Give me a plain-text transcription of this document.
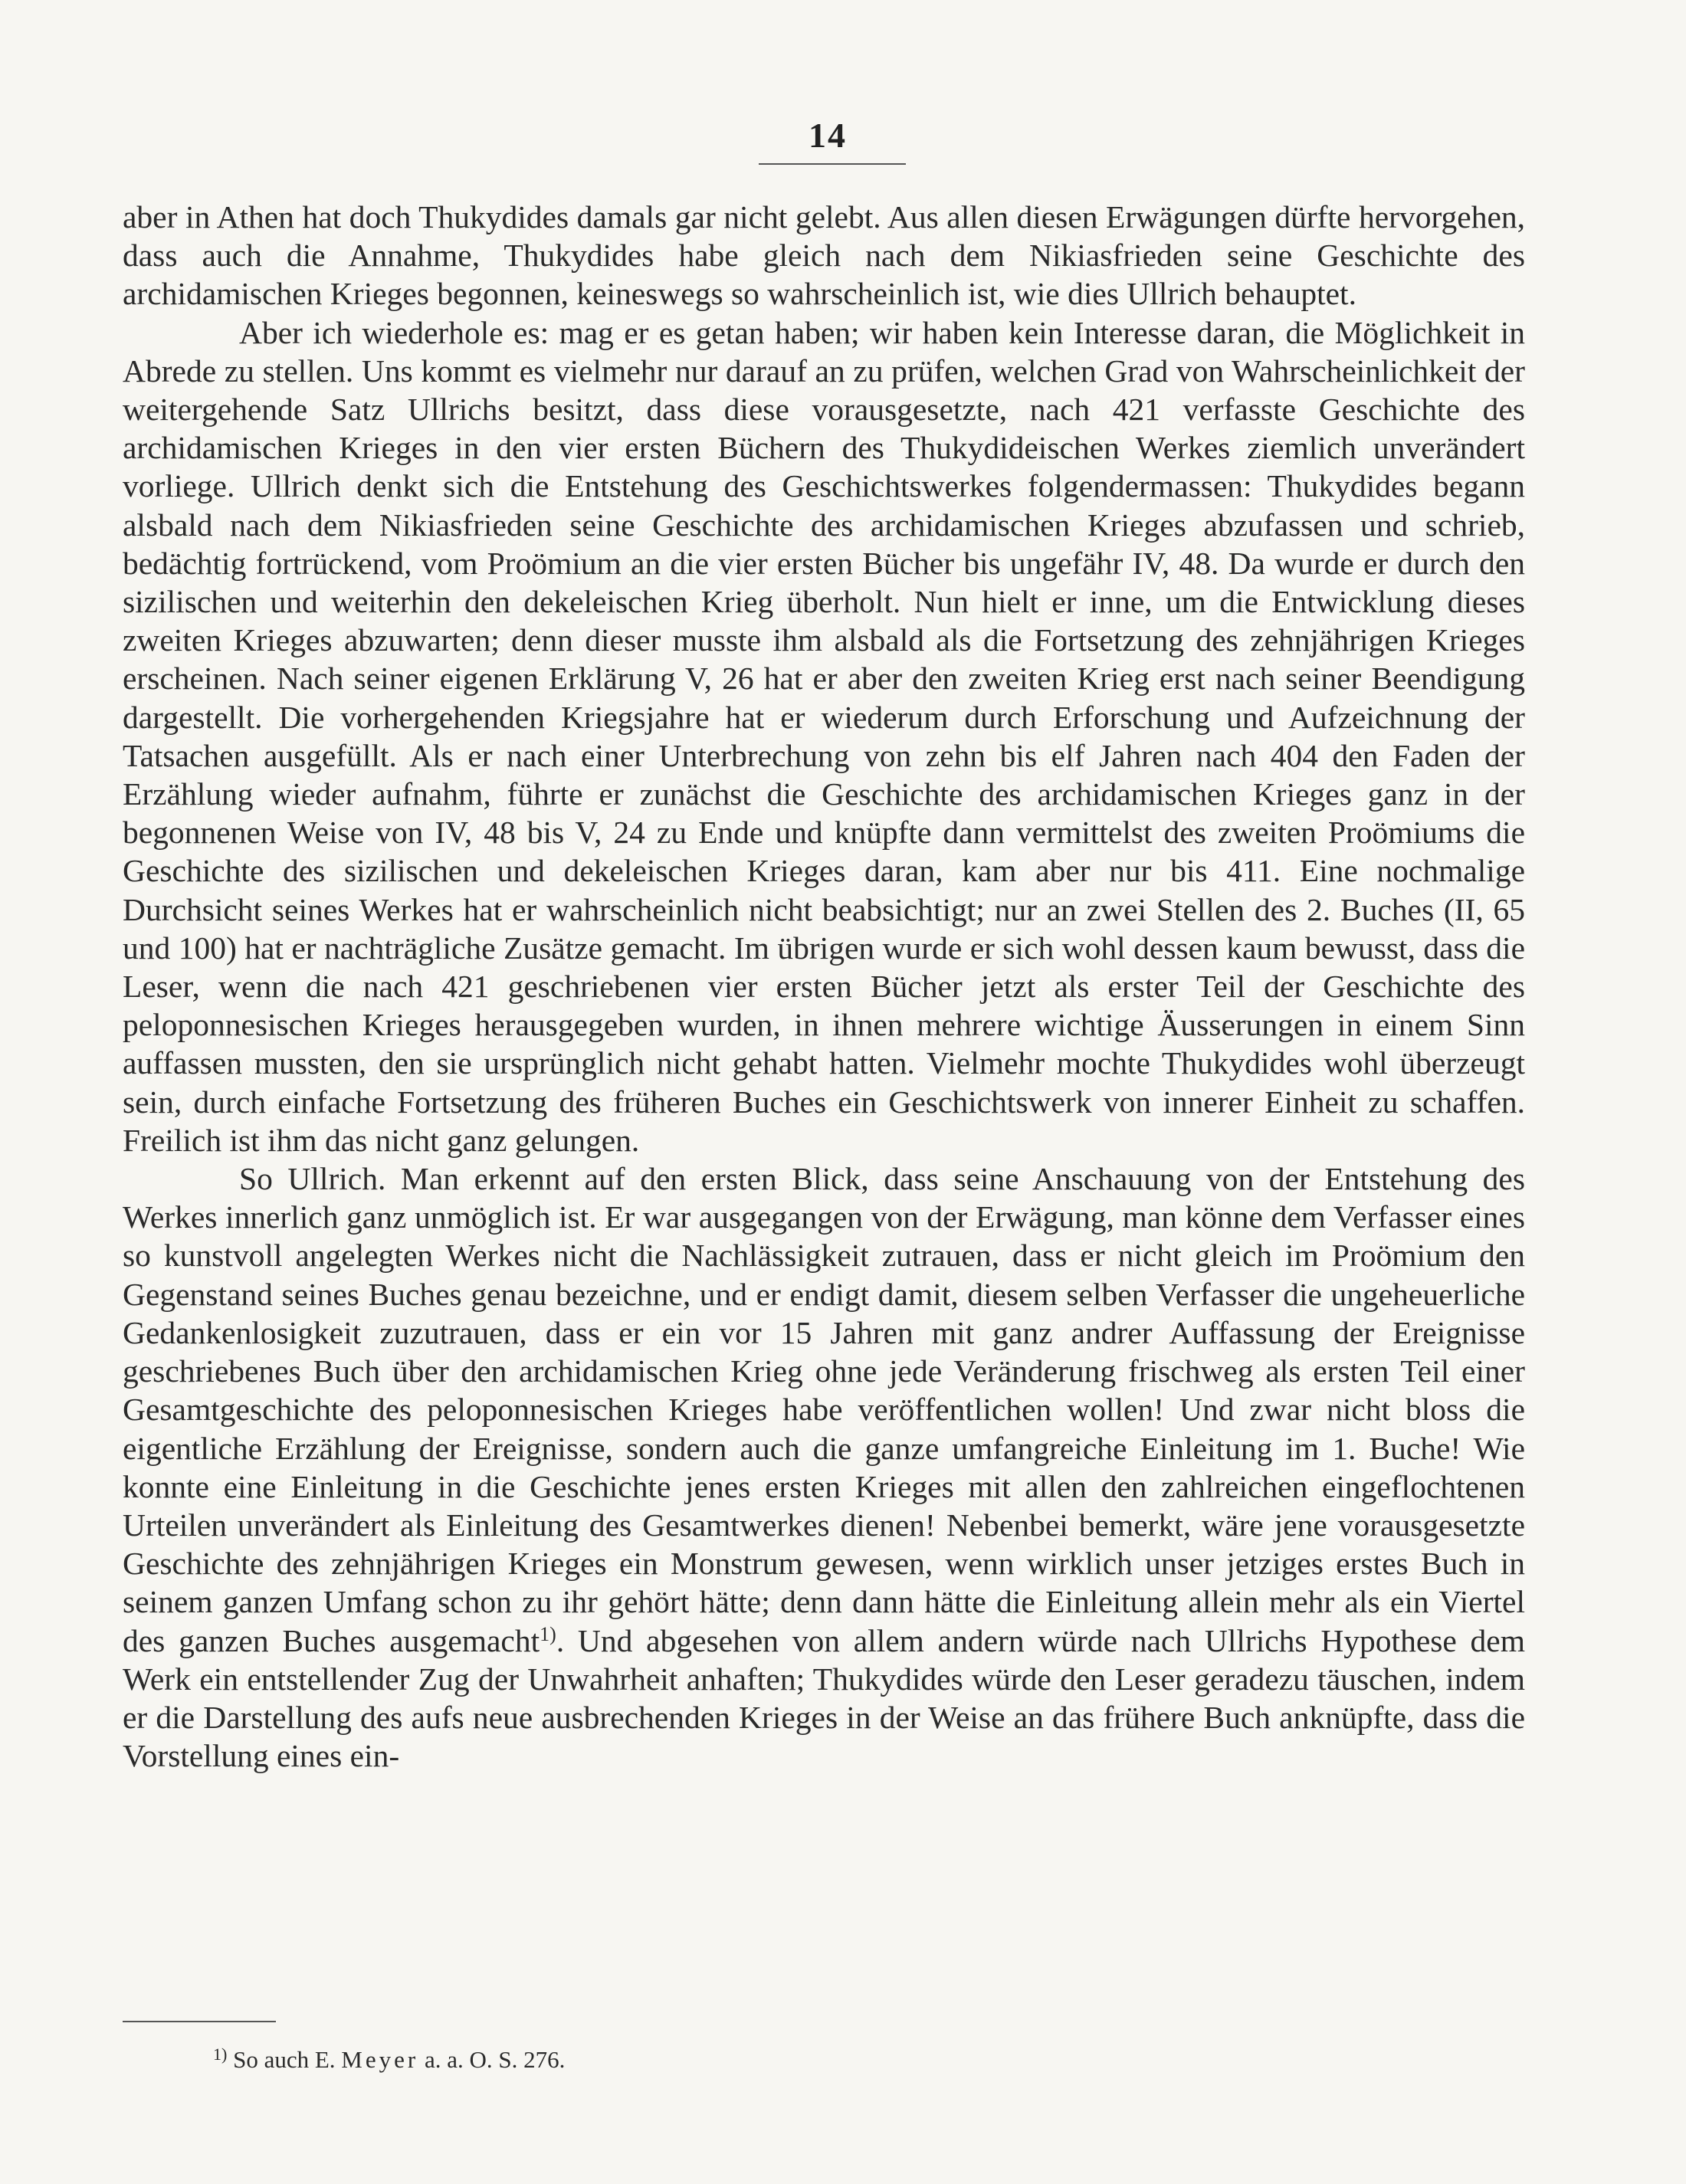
14

aber in Athen hat doch Thukydides damals gar nicht gelebt. Aus allen diesen Erwägungen dürfte hervorgehen, dass auch die Annahme, Thukydides habe gleich nach dem Nikiasfrieden seine Geschichte des archidamischen Krieges begonnen, keineswegs so wahrscheinlich ist, wie dies Ullrich behauptet.

Aber ich wiederhole es: mag er es getan haben; wir haben kein Interesse daran, die Möglichkeit in Abrede zu stellen. Uns kommt es vielmehr nur darauf an zu prüfen, welchen Grad von Wahrscheinlichkeit der weitergehende Satz Ullrichs besitzt, dass diese vorausgesetzte, nach 421 verfasste Geschichte des archidamischen Krieges in den vier ersten Büchern des Thukydideischen Werkes ziemlich unverändert vorliege. Ullrich denkt sich die Entstehung des Geschichtswerkes folgendermassen: Thukydides begann alsbald nach dem Nikiasfrieden seine Geschichte des archidamischen Krieges abzufassen und schrieb, bedächtig fortrückend, vom Proömium an die vier ersten Bücher bis ungefähr IV, 48. Da wurde er durch den sizilischen und weiterhin den dekeleischen Krieg überholt. Nun hielt er inne, um die Entwicklung dieses zweiten Krieges abzuwarten; denn dieser musste ihm alsbald als die Fortsetzung des zehnjährigen Krieges erscheinen. Nach seiner eigenen Erklärung V, 26 hat er aber den zweiten Krieg erst nach seiner Beendigung dargestellt. Die vorhergehenden Kriegsjahre hat er wiederum durch Erforschung und Aufzeichnung der Tatsachen ausgefüllt. Als er nach einer Unterbrechung von zehn bis elf Jahren nach 404 den Faden der Erzählung wieder aufnahm, führte er zunächst die Geschichte des archidamischen Krieges ganz in der begonnenen Weise von IV, 48 bis V, 24 zu Ende und knüpfte dann vermittelst des zweiten Proömiums die Geschichte des sizilischen und dekeleischen Krieges daran, kam aber nur bis 411. Eine nochmalige Durchsicht seines Werkes hat er wahrscheinlich nicht beabsichtigt; nur an zwei Stellen des 2. Buches (II, 65 und 100) hat er nachträgliche Zusätze gemacht. Im übrigen wurde er sich wohl dessen kaum bewusst, dass die Leser, wenn die nach 421 geschriebenen vier ersten Bücher jetzt als erster Teil der Geschichte des peloponnesischen Krieges herausgegeben wurden, in ihnen mehrere wichtige Äusserungen in einem Sinn auffassen mussten, den sie ursprünglich nicht gehabt hatten. Vielmehr mochte Thukydides wohl überzeugt sein, durch einfache Fortsetzung des früheren Buches ein Geschichtswerk von innerer Einheit zu schaffen. Freilich ist ihm das nicht ganz gelungen.

So Ullrich. Man erkennt auf den ersten Blick, dass seine Anschauung von der Entstehung des Werkes innerlich ganz unmöglich ist. Er war ausgegangen von der Erwägung, man könne dem Verfasser eines so kunstvoll angelegten Werkes nicht die Nachlässigkeit zutrauen, dass er nicht gleich im Proömium den Gegenstand seines Buches genau bezeichne, und er endigt damit, diesem selben Verfasser die ungeheuerliche Gedankenlosigkeit zuzutrauen, dass er ein vor 15 Jahren mit ganz andrer Auffassung der Ereignisse geschriebenes Buch über den archidamischen Krieg ohne jede Veränderung frischweg als ersten Teil einer Gesamtgeschichte des peloponnesischen Krieges habe veröffentlichen wollen! Und zwar nicht bloss die eigentliche Erzählung der Ereignisse, sondern auch die ganze umfangreiche Einleitung im 1. Buche! Wie konnte eine Einleitung in die Geschichte jenes ersten Krieges mit allen den zahlreichen eingeflochtenen Urteilen unverändert als Einleitung des Gesamtwerkes dienen! Nebenbei bemerkt, wäre jene vorausgesetzte Geschichte des zehnjährigen Krieges ein Monstrum gewesen, wenn wirklich unser jetziges erstes Buch in seinem ganzen Umfang schon zu ihr gehört hätte; denn dann hätte die Einleitung allein mehr als ein Viertel des ganzen Buches ausgemacht$^{1)}$. Und abgesehen von allem andern würde nach Ullrichs Hypothese dem Werk ein entstellender Zug der Unwahrheit anhaften; Thukydides würde den Leser geradezu täuschen, indem er die Darstellung des aufs neue ausbrechenden Krieges in der Weise an das frühere Buch anknüpfte, dass die Vorstellung eines ein-

$^{1)}$ So auch E. Meyer a. a. O. S. 276.
